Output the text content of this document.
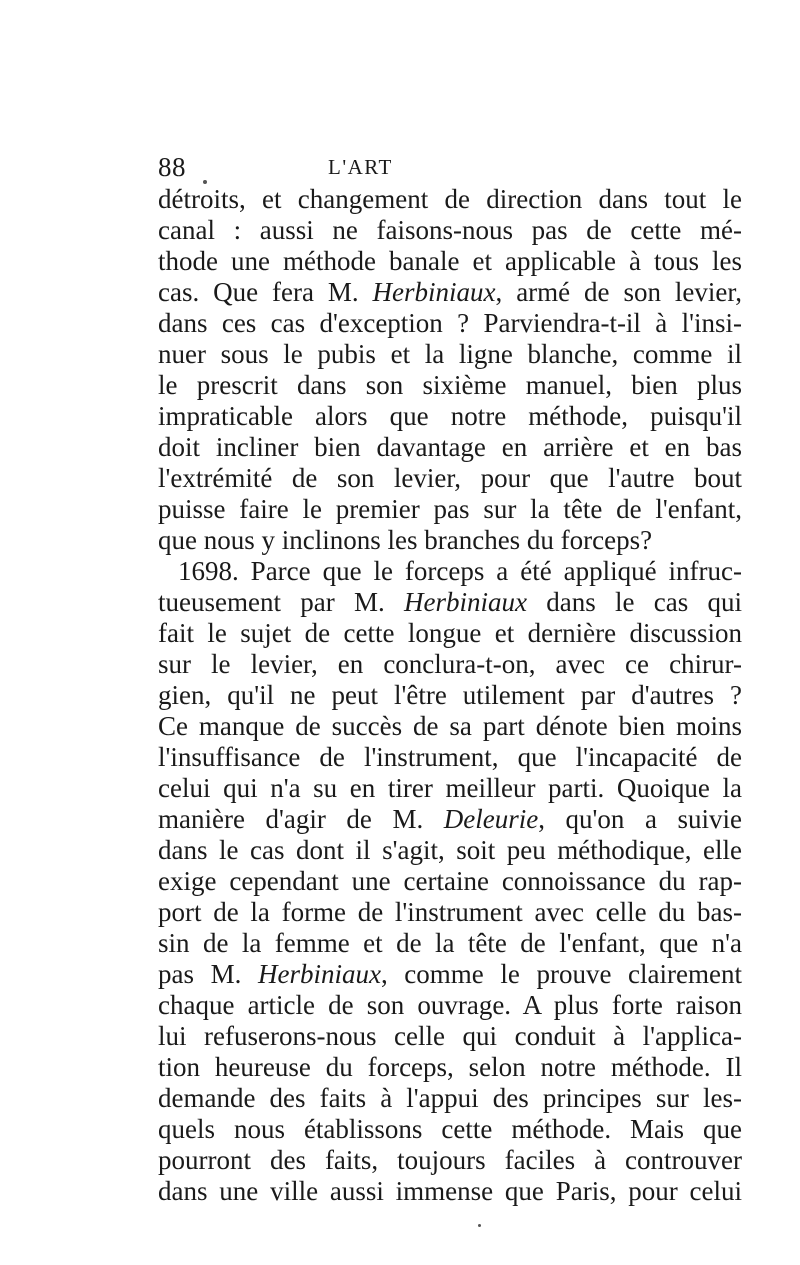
88	L'ART
détroits, et changement de direction dans tout le
canal : aussi ne faisons-nous pas de cette mé-
thode une méthode banale et applicable à tous les
cas. Que fera M. Herbiniaux, armé de son levier,
dans ces cas d'exception ? Parviendra-t-il à l'insi-
nuer sous le pubis et la ligne blanche, comme il
le prescrit dans son sixième manuel, bien plus
impraticable alors que notre méthode, puisqu'il
doit incliner bien davantage en arrière et en bas
l'extrémité de son levier, pour que l'autre bout
puisse faire le premier pas sur la tête de l'enfant,
que nous y inclinons les branches du forceps?
1698. Parce que le forceps a été appliqué infruc-
tueusement par M. Herbiniaux dans le cas qui
fait le sujet de cette longue et dernière discussion
sur le levier, en conclura-t-on, avec ce chirur-
gien, qu'il ne peut l'être utilement par d'autres ?
Ce manque de succès de sa part dénote bien moins
l'insuffisance de l'instrument, que l'incapacité de
celui qui n'a su en tirer meilleur parti. Quoique la
manière d'agir de M. Deleurie, qu'on a suivie
dans le cas dont il s'agit, soit peu méthodique, elle
exige cependant une certaine connoissance du rap-
port de la forme de l'instrument avec celle du bas-
sin de la femme et de la tête de l'enfant, que n'a
pas M. Herbiniaux, comme le prouve clairement
chaque article de son ouvrage. A plus forte raison
lui refuserons-nous celle qui conduit à l'applica-
tion heureuse du forceps, selon notre méthode. Il
demande des faits à l'appui des principes sur les-
quels nous établissons cette méthode. Mais que
pourront des faits, toujours faciles à controuver
dans une ville aussi immense que Paris, pour celui
